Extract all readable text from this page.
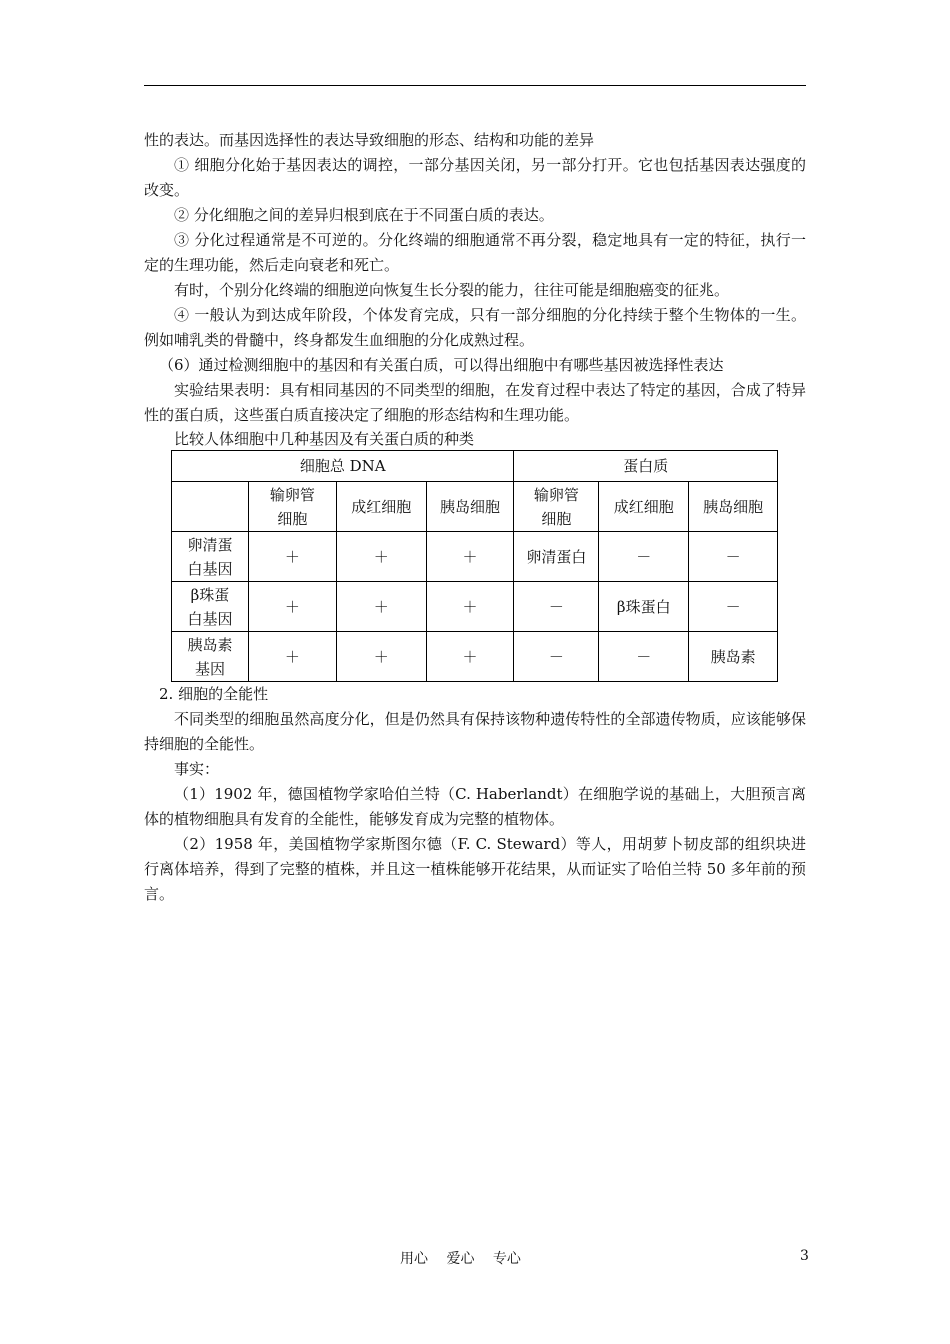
性的表达。而基因选择性的表达导致细胞的形态、结构和功能的差异

① 细胞分化始于基因表达的调控，一部分基因关闭，另一部分打开。它也包括基因表达强度的改变。

② 分化细胞之间的差异归根到底在于不同蛋白质的表达。

③ 分化过程通常是不可逆的。分化终端的细胞通常不再分裂，稳定地具有一定的特征，执行一定的生理功能，然后走向衰老和死亡。

有时，个别分化终端的细胞逆向恢复生长分裂的能力，往往可能是细胞癌变的征兆。

④ 一般认为到达成年阶段，个体发育完成，只有一部分细胞的分化持续于整个生物体的一生。例如哺乳类的骨髓中，终身都发生血细胞的分化成熟过程。

（6）通过检测细胞中的基因和有关蛋白质，可以得出细胞中有哪些基因被选择性表达

实验结果表明：具有相同基因的不同类型的细胞，在发育过程中表达了特定的基因，合成了特异性的蛋白质，这些蛋白质直接决定了细胞的形态结构和生理功能。

比较人体细胞中几种基因及有关蛋白质的种类

细胞总 DNA				蛋白质		
	输卵管细胞	成红细胞	胰岛细胞	输卵管细胞	成红细胞	胰岛细胞
卵清蛋白基因	＋	＋	＋	卵清蛋白	－	－
β珠蛋白基因	＋	＋	＋	－	β珠蛋白	－
胰岛素基因	＋	＋	＋	－	－	胰岛素

2. 细胞的全能性

不同类型的细胞虽然高度分化，但是仍然具有保持该物种遗传特性的全部遗传物质，应该能够保持细胞的全能性。

事实：

（1）1902 年，德国植物学家哈伯兰特（C. Haberlandt）在细胞学说的基础上，大胆预言离体的植物细胞具有发育的全能性，能够发育成为完整的植物体。

（2）1958 年，美国植物学家斯图尔德（F. C. Steward）等人，用胡萝卜韧皮部的组织块进行离体培养，得到了完整的植株，并且这一植株能够开花结果，从而证实了哈伯兰特 50 多年前的预言。

用心 爱心 专心	3
